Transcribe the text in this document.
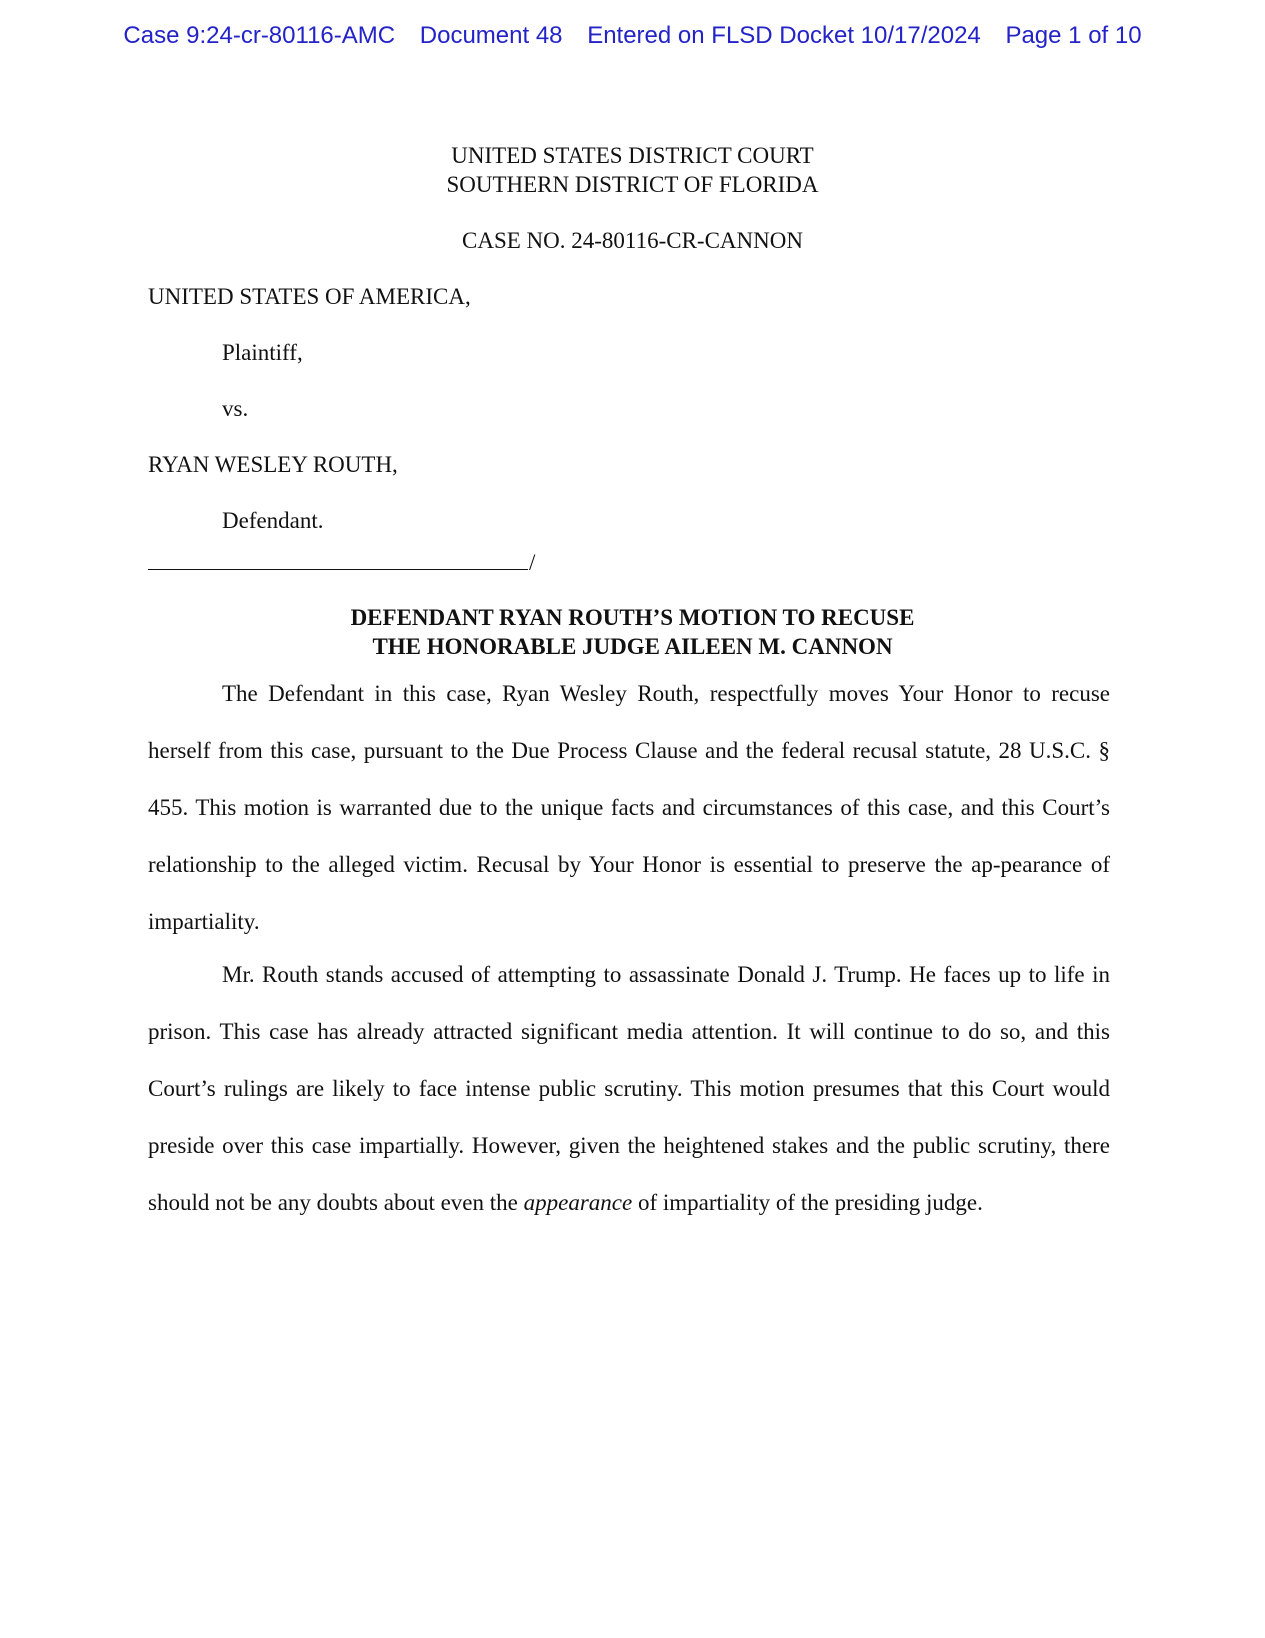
Case 9:24-cr-80116-AMC Document 48 Entered on FLSD Docket 10/17/2024 Page 1 of 10
UNITED STATES DISTRICT COURT
SOUTHERN DISTRICT OF FLORIDA
CASE NO. 24-80116-CR-CANNON
UNITED STATES OF AMERICA,
Plaintiff,
vs.
RYAN WESLEY ROUTH,
Defendant.
/
DEFENDANT RYAN ROUTH’S MOTION TO RECUSE
THE HONORABLE JUDGE AILEEN M. CANNON

The Defendant in this case, Ryan Wesley Routh, respectfully moves Your Honor to recuse herself from this case, pursuant to the Due Process Clause and the federal recusal statute, 28 U.S.C. § 455. This motion is warranted due to the unique facts and circumstances of this case, and this Court’s relationship to the alleged victim. Recusal by Your Honor is essential to preserve the ap-pearance of impartiality.

Mr. Routh stands accused of attempting to assassinate Donald J. Trump. He faces up to life in prison. This case has already attracted significant media attention. It will continue to do so, and this Court’s rulings are likely to face intense public scrutiny. This motion presumes that this Court would preside over this case impartially. However, given the heightened stakes and the public scrutiny, there should not be any doubts about even the appearance of impartiality of the presiding judge.
